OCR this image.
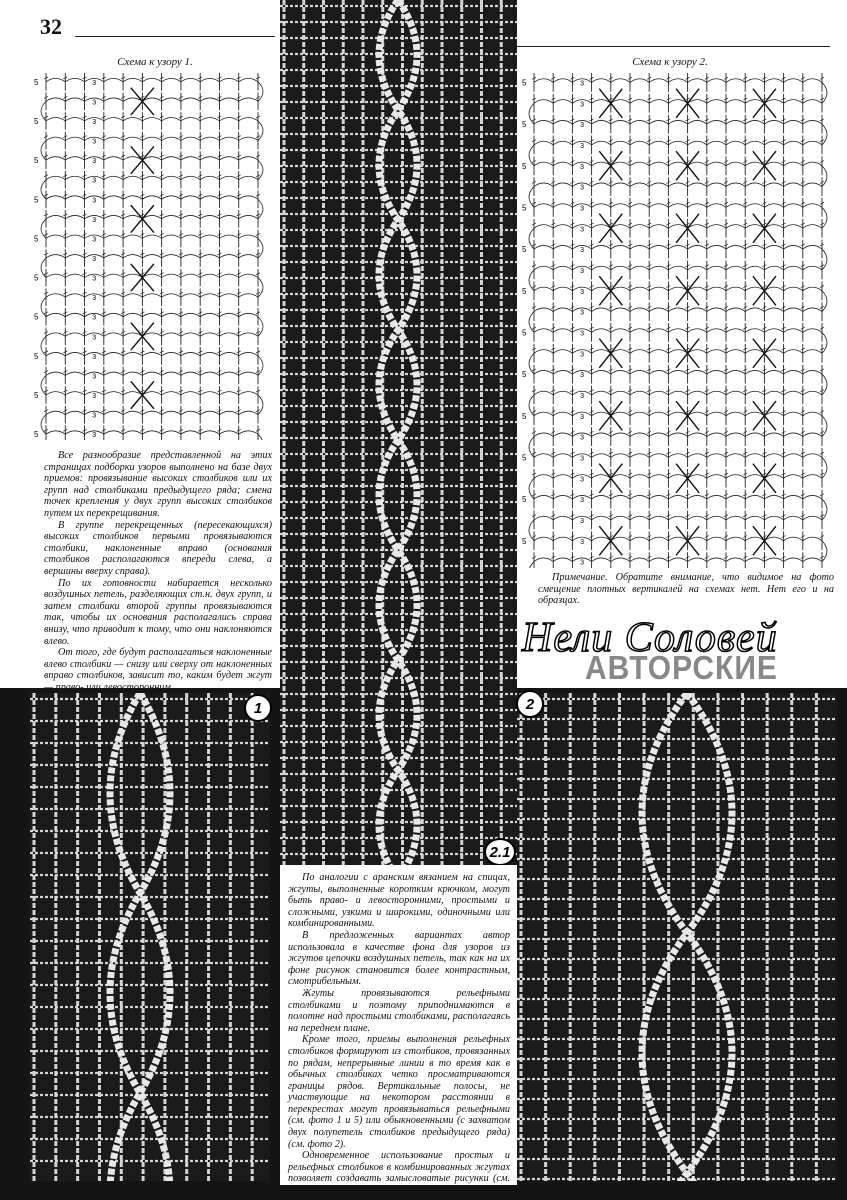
32
Схема к узору 1.
5	3
3
5	3
3
5	3
3
5	3
3
5	3
3
5	3
3
5	3
3
5	3
3
5	3
3
5	3
Схема к узору 2.
5	3
3
5	3
3
5	3
3
5	3
3
5	3
3
5	3
3
5	3
3
5	3
3
5	3
3
5	3
3
5	3
3
5	3
3

Все разнообразие представленной на этих страницах подборки узоров выполнено на базе двух приемов: провязывание высоких столбиков или их групп над столбиками предыдущего ряда; смена точек крепления у двух групп высоких столбиков путем их перекрещивания.

В группе перекрещенных (пересекающихся) высоких столбиков первыми провязываются столбики, наклоненные вправо (основания столбиков располагаются впереди слева, а вершины вверху справа).

По их готовности набирается несколько воздушных петель, разделяющих ст.н. двух групп, и затем столбики второй группы провязываются так, чтобы их основания располагались справа внизу, что приводит к тому, что они наклоняются влево.

От того, где будут располагаться наклоненные влево столбики — снизу или сверху от наклоненных вправо столбиков, зависит то, каким будет жгут

Примечание. Обратите внимание, что видимое на фото смещение плотных вертикалей на схемах нет. Нет его и на образцах.

Нели Соловей
АВТОРСКИЕ
2.1
1	2

По аналогии с аранским вязанием на спицах, жгуты, выполненные коротким крючком, могут быть право- и левосторонними, простыми и сложными, узкими и широкими, одиночными или комбинированными.

В предложенных вариантах автор использовала в качестве фона для узоров из жгутов цепочки воздушных петель, так как на их фоне рисунок становится более контрастным, смотрибельным.

Жгуты провязываются рельефными столбиками и поэтому приподнимаются в полотне над простыми столбиками, располагаясь на переднем плане.

Кроме того, приемы выполнения рельефных столбиков формируют из столбиков, провязанных по рядам, непрерывные линии в то время как в обычных столбиках четко просматриваются границы рядов. Вертикальные полосы, не участвующие на некотором расстоянии в перекрестах могут провязываться рельефными (см. фото 1 и 5) или обыкновенными (с захватом двух полупетель столбиков предыдущего ряда) (см. фото 2).

Одновременное использование простых и рельефных столбиков в комбинированных жгутах позволяет создавать замысловатые рисунки (см. фото 2).
